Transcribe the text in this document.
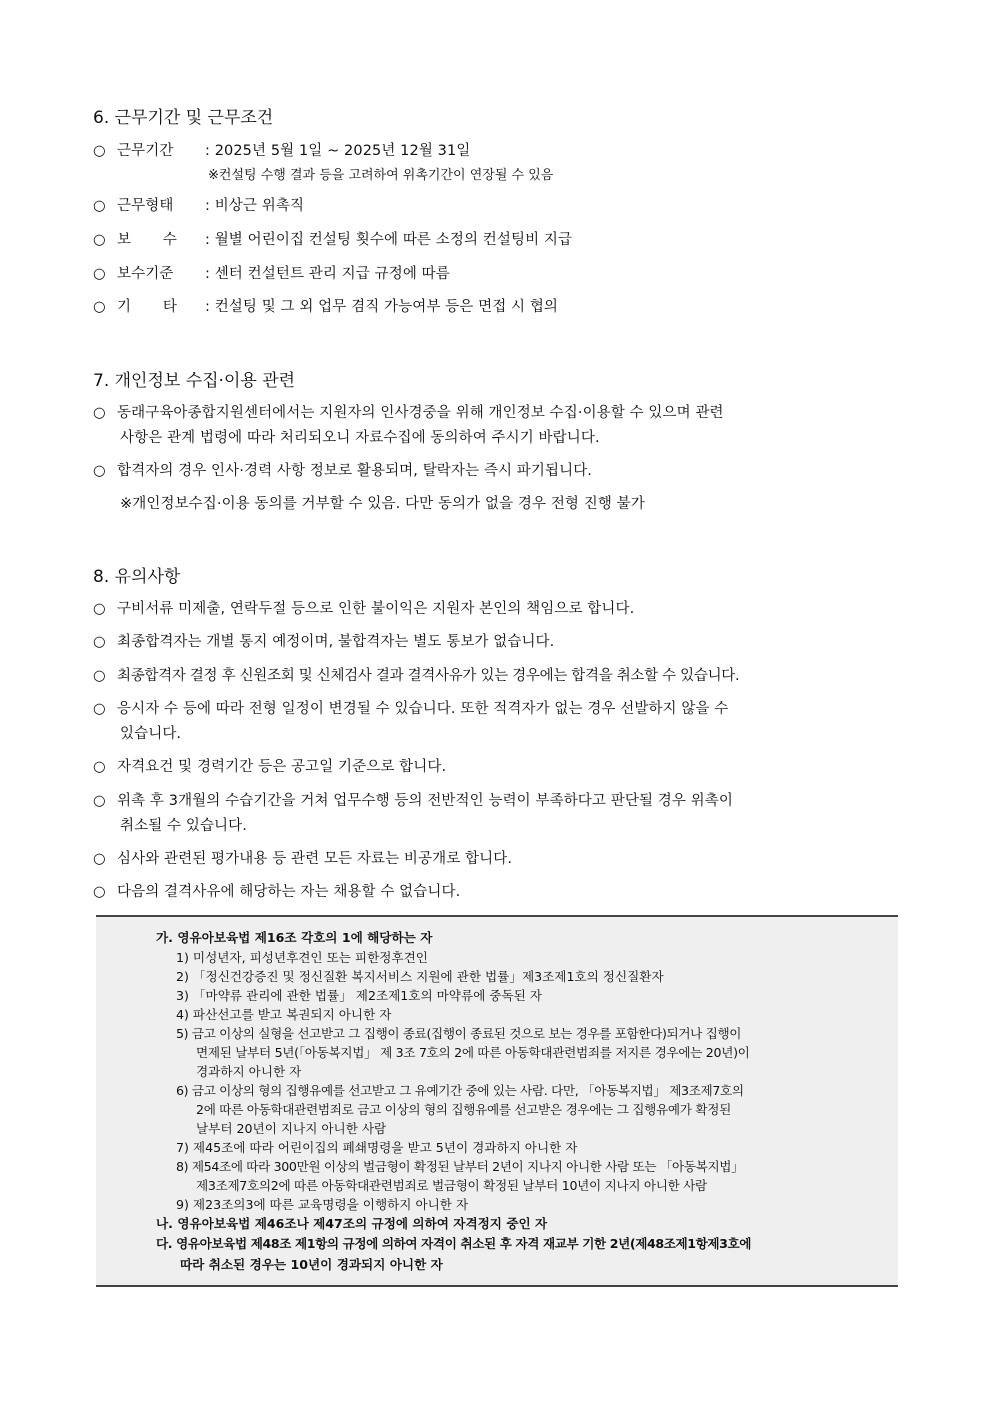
6. 근무기간 및 근무조건
○ 근무기간 : 2025년 5월 1일 ~ 2025년 12월 31일
※컨설팅 수행 결과 등을 고려하여 위촉기간이 연장될 수 있음
○ 근무형태 : 비상근 위촉직
○ 보 수 : 월별 어린이집 컨설팅 횟수에 따른 소정의 컨설팅비 지급
○ 보수기준 : 센터 컨설턴트 관리 지급 규정에 따름
○ 기 타 : 컨설팅 및 그 외 업무 겸직 가능여부 등은 면접 시 협의
7. 개인정보 수집·이용 관련
○ 동래구육아종합지원센터에서는 지원자의 인사경중을 위해 개인정보 수집·이용할 수 있으며 관련
사항은 관계 법령에 따라 처리되오니 자료수집에 동의하여 주시기 바랍니다.
○ 합격자의 경우 인사·경력 사항 정보로 활용되며, 탈락자는 즉시 파기됩니다.
※개인정보수집·이용 동의를 거부할 수 있음. 다만 동의가 없을 경우 전형 진행 불가
8. 유의사항
○ 구비서류 미제출, 연락두절 등으로 인한 불이익은 지원자 본인의 책임으로 합니다.
○ 최종합격자는 개별 통지 예정이며, 불합격자는 별도 통보가 없습니다.
○ 최종합격자 결정 후 신원조회 및 신체검사 결과 결격사유가 있는 경우에는 합격을 취소할 수 있습니다.
○ 응시자 수 등에 따라 전형 일정이 변경될 수 있습니다. 또한 적격자가 없는 경우 선발하지 않을 수
있습니다.
○ 자격요건 및 경력기간 등은 공고일 기준으로 합니다.
○ 위촉 후 3개월의 수습기간을 거쳐 업무수행 등의 전반적인 능력이 부족하다고 판단될 경우 위촉이
취소될 수 있습니다.
○ 심사와 관련된 평가내용 등 관련 모든 자료는 비공개로 합니다.
○ 다음의 결격사유에 해당하는 자는 채용할 수 없습니다.
가. 영유아보육법 제16조 각호의 1에 해당하는 자
1) 미성년자, 피성년후견인 또는 피한정후견인
2) 「정신건강증진 및 정신질환 복지서비스 지원에 관한 법률」제3조제1호의 정신질환자
3) 「마약류 관리에 관한 법률」 제2조제1호의 마약류에 중독된 자
4) 파산선고를 받고 복권되지 아니한 자
5) 금고 이상의 실형을 선고받고 그 집행이 종료(집행이 종료된 것으로 보는 경우를 포함한다)되거나 집행이
면제된 날부터 5년(「아동복지법」 제 3조 7호의 2에 따른 아동학대관련범죄를 저지른 경우에는 20년)이
경과하지 아니한 자
6) 금고 이상의 형의 집행유예를 선고받고 그 유예기간 중에 있는 사람. 다만, 「아동복지법」 제3조제7호의
2에 따른 아동학대관련범죄로 금고 이상의 형의 집행유예를 선고받은 경우에는 그 집행유예가 확정된
날부터 20년이 지나지 아니한 사람
7) 제45조에 따라 어린이집의 폐쇄명령을 받고 5년이 경과하지 아니한 자
8) 제54조에 따라 300만원 이상의 벌금형이 확정된 날부터 2년이 지나지 아니한 사람 또는 「아동복지법」
제3조제7호의2에 따른 아동학대관련범죄로 벌금형이 확정된 날부터 10년이 지나지 아니한 사람
9) 제23조의3에 따른 교육명령을 이행하지 아니한 자
나. 영유아보육법 제46조나 제47조의 규정에 의하여 자격정지 중인 자
다. 영유아보육법 제48조 제1항의 규정에 의하여 자격이 취소된 후 자격 재교부 기한 2년(제48조제1항제3호에
따라 취소된 경우는 10년이 경과되지 아니한 자
